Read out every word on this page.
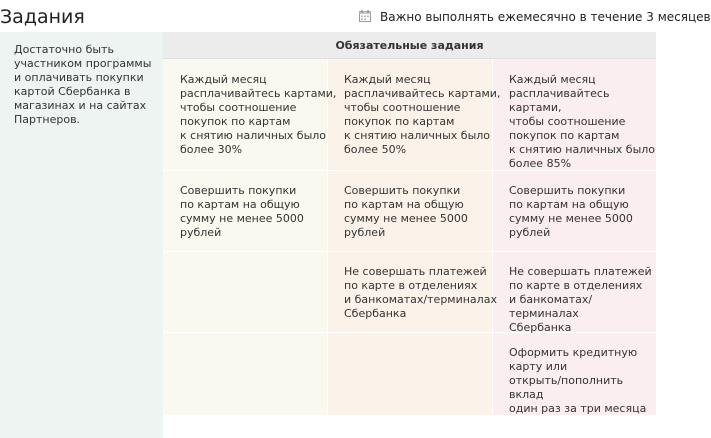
Задания	Важно выполнять ежемесячно в течение 3 месяцев
Достаточно быть участником программы и оплачивать покупки картой Сбербанка в магазинах и на сайтах Партнеров.
Обязательные задания
Каждый месяц
расплачивайтесь картами,
чтобы соотношение
покупок по картам
к снятию наличных было
более 30%
Совершить покупки
по картам на общую
сумму не менее 5000
рублей
Каждый месяц
расплачивайтесь картами,
чтобы соотношение
покупок по картам
к снятию наличных было
более 50%
Совершить покупки
по картам на общую
сумму не менее 5000
рублей
Не совершать платежей
по карте в отделениях
и банкоматах/терминалах
Сбербанка
Каждый месяц
расплачивайтесь картами,
чтобы соотношение
покупок по картам
к снятию наличных было
более 85%
Совершить покупки
по картам на общую
сумму не менее 5000
рублей
Не совершать платежей
по карте в отделениях
и банкоматах/терминалах
Сбербанка
Оформить кредитную
карту или
открыть/пополнить вклад
один раз за три месяца
